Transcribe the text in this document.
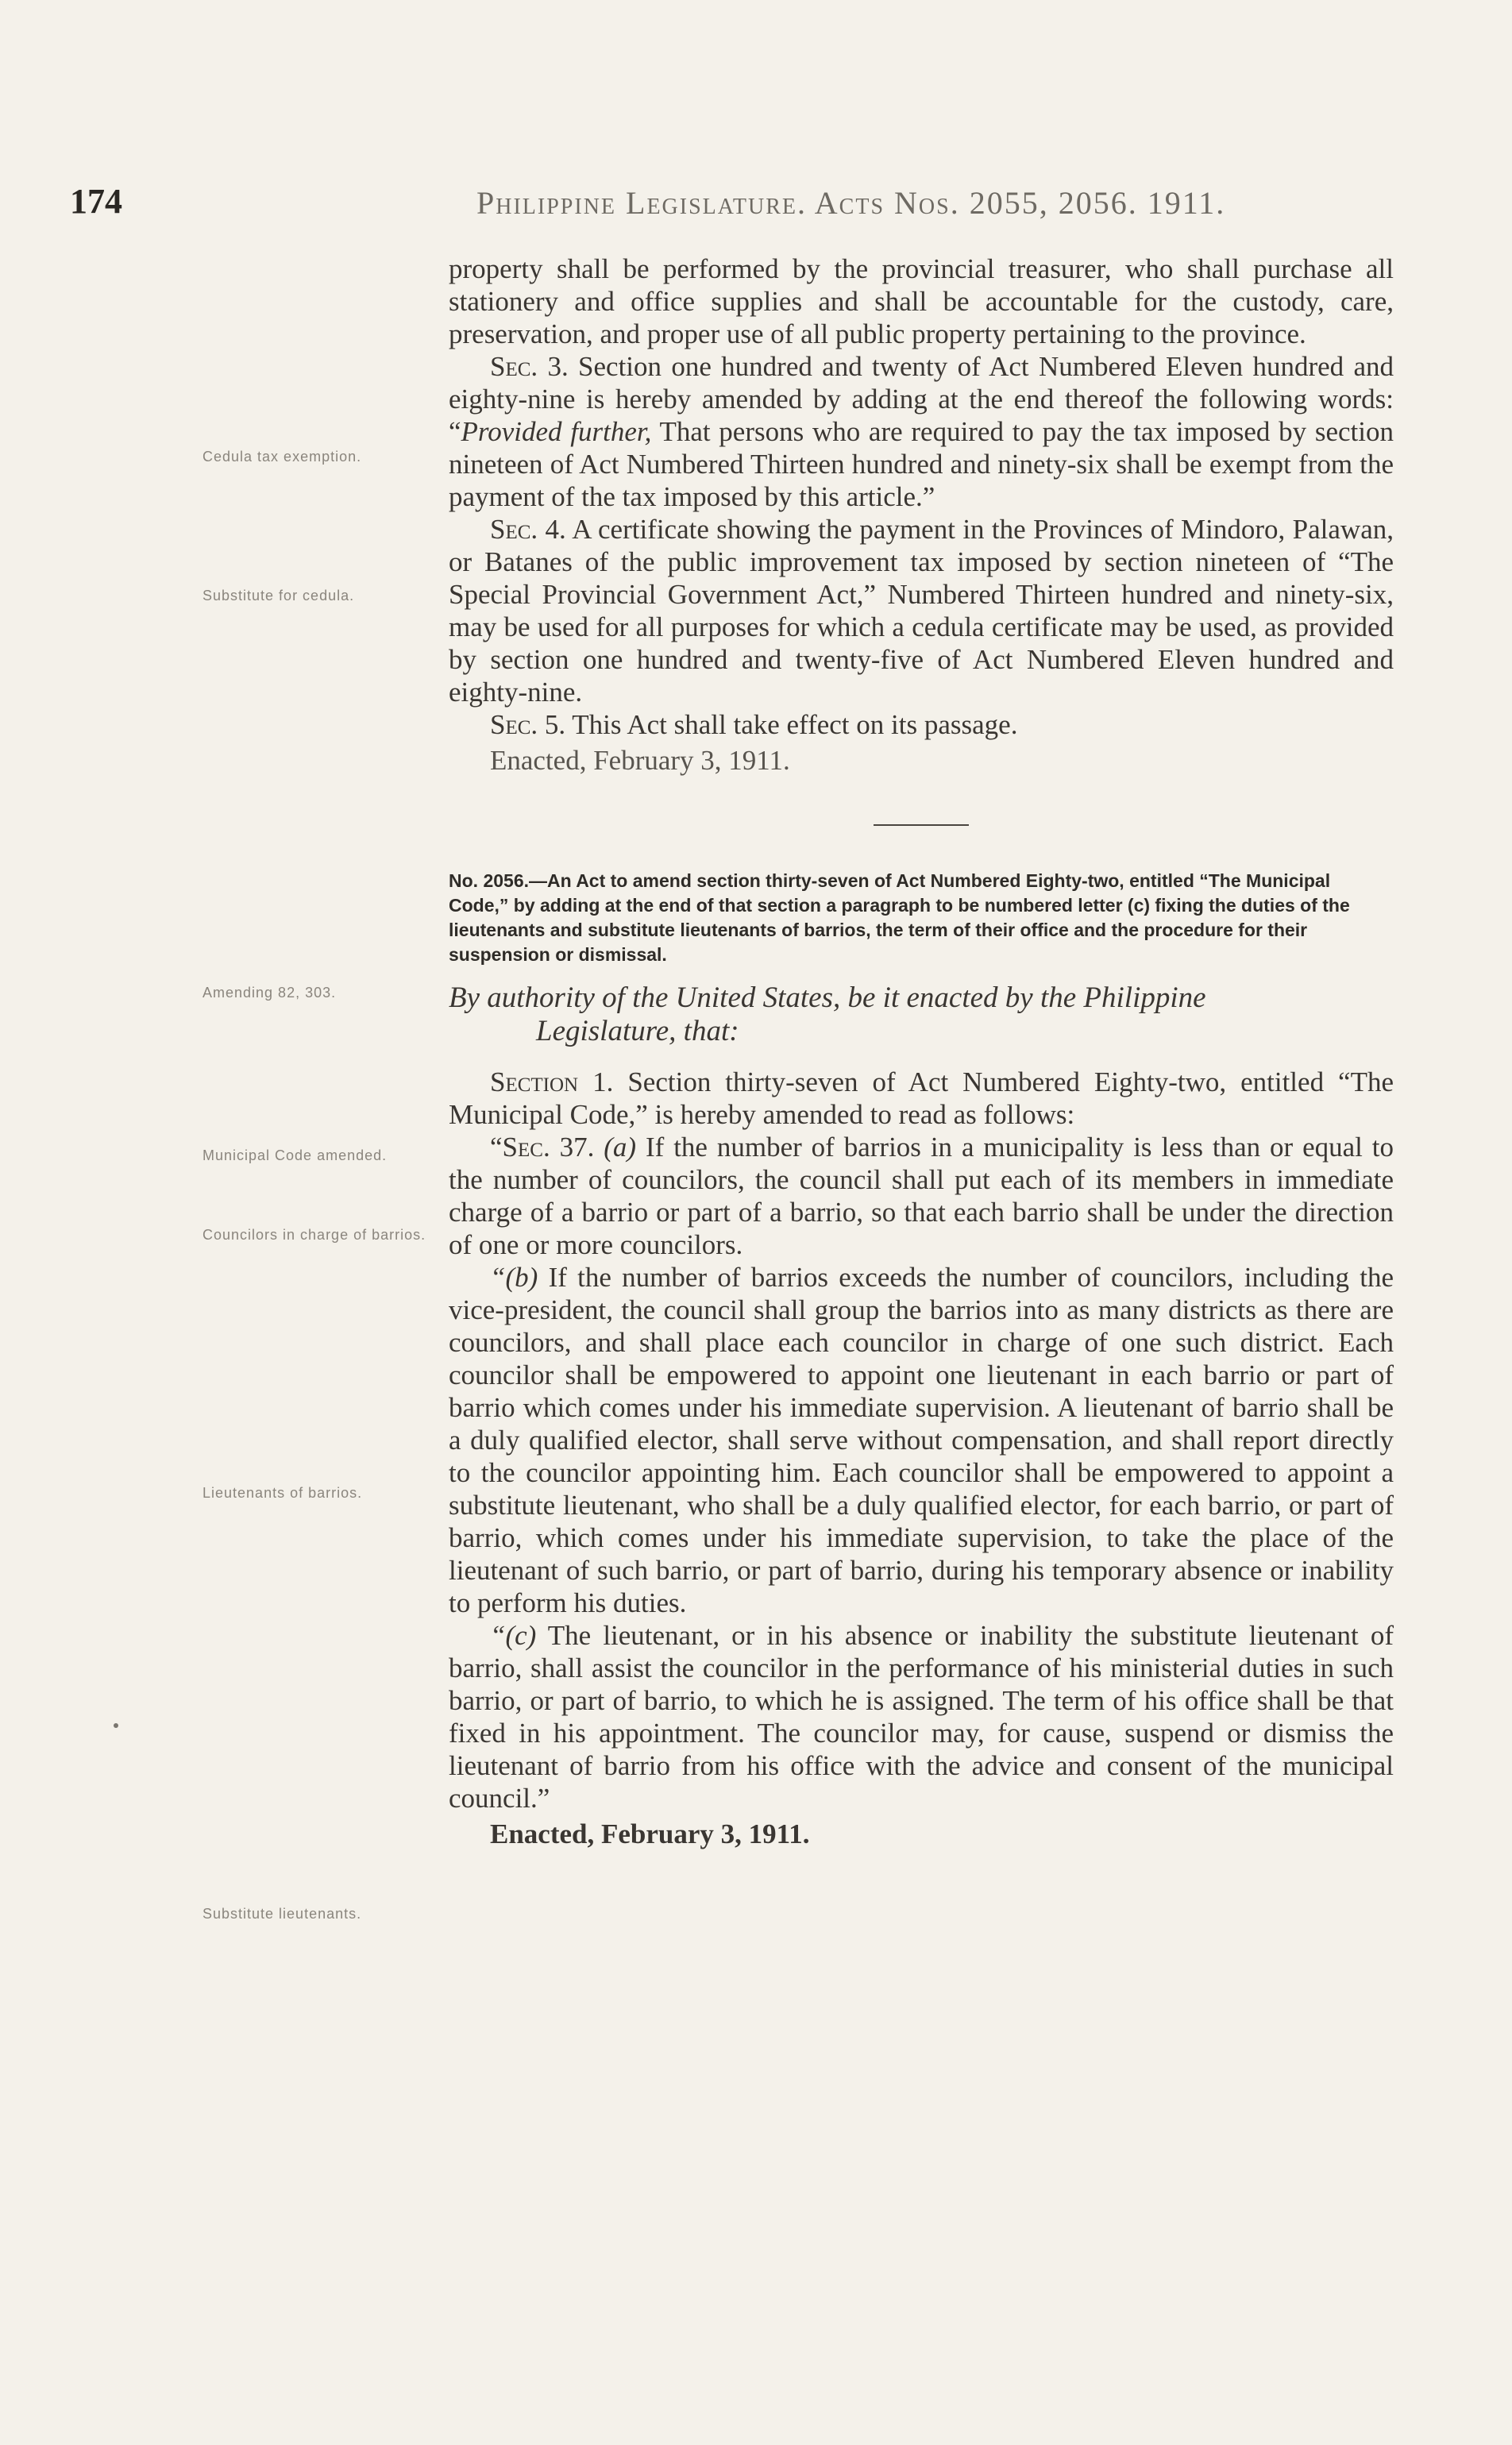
174	Philippine Legislature. Acts Nos. 2055, 2056. 1911.
Cedula tax exemption.
Substitute for cedula.
Amending 82, 303.
Municipal Code amended.
Councilors in charge of barrios.
Lieutenants of barrios.
Substitute lieutenants.

property shall be performed by the provincial treasurer, who shall purchase all stationery and office supplies and shall be accountable for the custody, care, preservation, and proper use of all public property pertaining to the province.

Sec. 3. Section one hundred and twenty of Act Numbered Eleven hundred and eighty-nine is hereby amended by adding at the end thereof the following words: “Provided further, That persons who are required to pay the tax imposed by section nineteen of Act Numbered Thirteen hundred and ninety-six shall be exempt from the payment of the tax imposed by this article.”

Sec. 4. A certificate showing the payment in the Provinces of Mindoro, Palawan, or Batanes of the public improvement tax imposed by section nineteen of “The Special Provincial Government Act,” Numbered Thirteen hundred and ninety-six, may be used for all purposes for which a cedula certificate may be used, as provided by section one hundred and twenty-five of Act Numbered Eleven hundred and eighty-nine.

Sec. 5. This Act shall take effect on its passage.

Enacted, February 3, 1911.

No. 2056.—An Act to amend section thirty-seven of Act Numbered Eighty-two, entitled “The Municipal Code,” by adding at the end of that section a paragraph to be numbered letter (c) fixing the duties of the lieutenants and substitute lieutenants of barrios, the term of their office and the procedure for their suspension or dismissal.

By authority of the United States, be it enacted by the Philippine
Legislature, that:

Section 1. Section thirty-seven of Act Numbered Eighty-two, entitled “The Municipal Code,” is hereby amended to read as follows:

“Sec. 37. (a) If the number of barrios in a municipality is less than or equal to the number of councilors, the council shall put each of its members in immediate charge of a barrio or part of a barrio, so that each barrio shall be under the direction of one or more councilors.

“(b) If the number of barrios exceeds the number of councilors, including the vice-president, the council shall group the barrios into as many districts as there are councilors, and shall place each councilor in charge of one such district. Each councilor shall be empowered to appoint one lieutenant in each barrio or part of barrio which comes under his immediate supervision. A lieutenant of barrio shall be a duly qualified elector, shall serve without compensation, and shall report directly to the councilor appointing him. Each councilor shall be empowered to appoint a substitute lieutenant, who shall be a duly qualified elector, for each barrio, or part of barrio, which comes under his immediate supervision, to take the place of the lieutenant of such barrio, or part of barrio, during his temporary absence or inability to perform his duties.

“(c) The lieutenant, or in his absence or inability the substitute lieutenant of barrio, shall assist the councilor in the performance of his ministerial duties in such barrio, or part of barrio, to which he is assigned. The term of his office shall be that fixed in his appointment. The councilor may, for cause, suspend or dismiss the lieutenant of barrio from his office with the advice and consent of the municipal council.”

Enacted, February 3, 1911.
